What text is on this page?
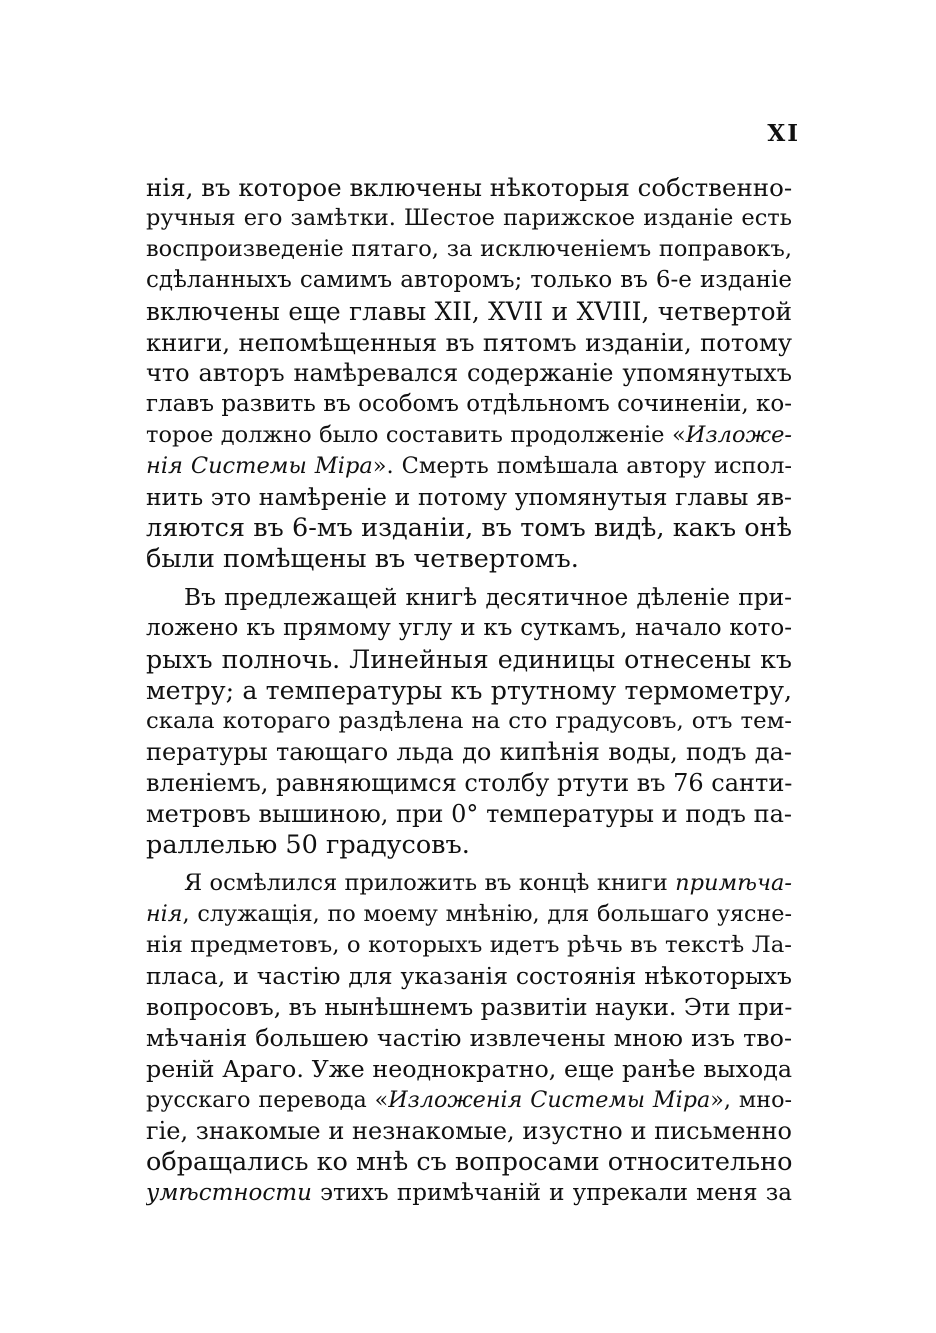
XI
нія, въ которое включены нѣкоторыя собственно-
ручныя его замѣтки. Шестое парижское изданіе есть
воспроизведеніе пятаго, за исключеніемъ поправокъ,
сдѣланныхъ самимъ авторомъ; только въ 6-е изданіе
включены еще главы XII, XVII и XVIII, четвертой
книги, непомѣщенныя въ пятомъ изданіи, потому
что авторъ намѣревался содержаніе упомянутыхъ
главъ развить въ особомъ отдѣльномъ сочиненіи, ко-
торое должно было составить продолженіе «Изложе-
нія Системы Міра». Смерть помѣшала автору испол-
нить это намѣреніе и потому упомянутыя главы яв-
ляются въ 6-мъ изданіи, въ томъ видѣ, какъ онѣ
были помѣщены въ четвертомъ.
Въ предлежащей книгѣ десятичное дѣленіе при-
ложено къ прямому углу и къ суткамъ, начало кото-
рыхъ полночь. Линейныя единицы отнесены къ
метру; а температуры къ ртутному термометру,
скала котораго раздѣлена на сто градусовъ, отъ тем-
пературы тающаго льда до кипѣнія воды, подъ да-
вленіемъ, равняющимся столбу ртути въ 76 санти-
метровъ вышиною, при 0° температуры и подъ па-
раллелью 50 градусовъ.
Я осмѣлился приложить въ концѣ книги примѣча-
нія, служащія, по моему мнѣнію, для большаго уясне-
нія предметовъ, о которыхъ идетъ рѣчь въ текстѣ Ла-
пласа, и частію для указанія состоянія нѣкоторыхъ
вопросовъ, въ нынѣшнемъ развитіи науки. Эти при-
мѣчанія большею частію извлечены мною изъ тво-
реній Араго. Уже неоднократно, еще ранѣе выхода
русскаго перевода «Изложенія Системы Міра», мно-
гіе, знакомые и незнакомые, изустно и письменно
обращались ко мнѣ съ вопросами относительно
умѣстности этихъ примѣчаній и упрекали меня за
